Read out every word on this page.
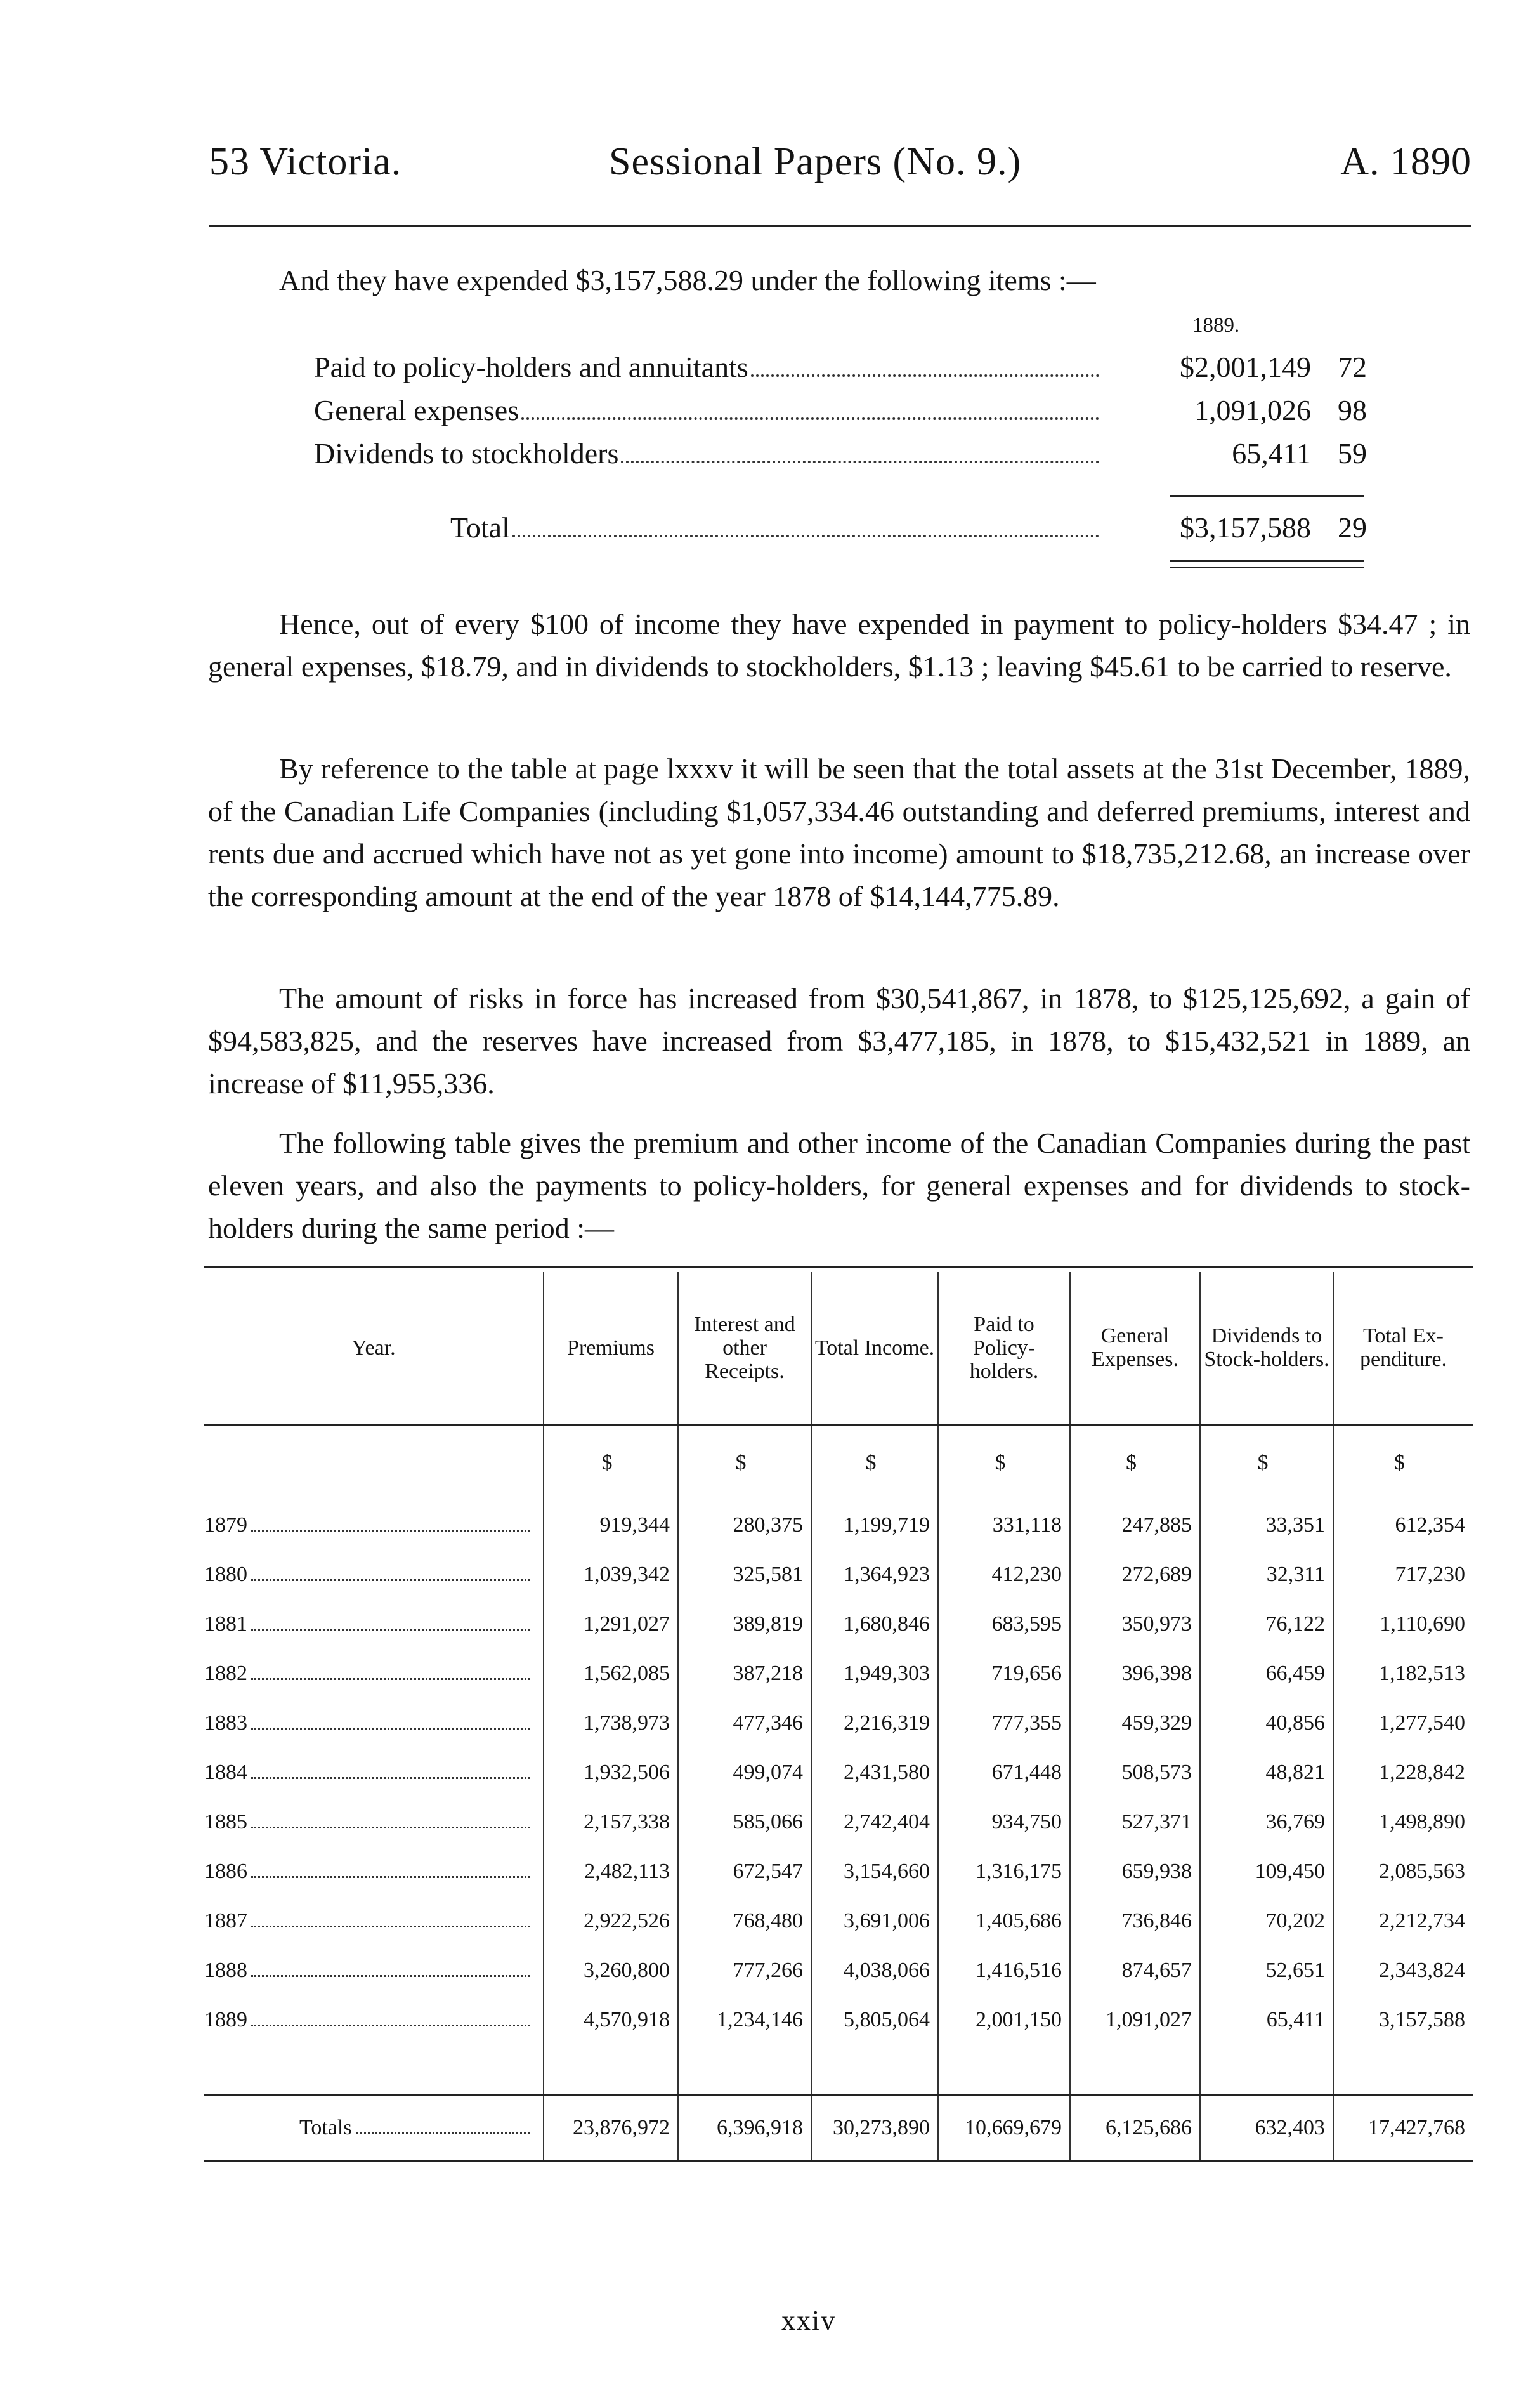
53 Victoria.	Sessional Papers (No. 9.)	A. 1890
And they have expended $3,157,588.29 under the following items :—
1889.
Paid to policy-holders and annuitants	$2,001,149 72
General expenses	1,091,026 98
Dividends to stockholders	65,411 59
Total	$3,157,588 29
Hence, out of every $100 of income they have expended in payment to policy-holders $34.47 ; in general expenses, $18.79, and in dividends to stockholders, $1.13 ; leaving $45.61 to be carried to reserve.
By reference to the table at page lxxxv it will be seen that the total assets at the 31st December, 1889, of the Canadian Life Companies (including $1,057,334.46 outstanding and deferred premiums, interest and rents due and accrued which have not as yet gone into income) amount to $18,735,212.68, an increase over the corresponding amount at the end of the year 1878 of $14,144,775.89.
The amount of risks in force has increased from $30,541,867, in 1878, to $125,125,692, a gain of $94,583,825, and the reserves have increased from $3,477,185, in 1878, to $15,432,521 in 1889, an increase of $11,955,336.
The following table gives the premium and other income of the Canadian Companies during the past eleven years, and also the payments to policy-holders, for general expenses and for dividends to stock-holders during the same period :—
Year.	Premiums	Interest and other Receipts.	Total Income.	Paid to Policy-holders.	General Expenses.	Dividends to Stock-holders.	Total Ex-penditure.
	$	$	$	$	$	$	$

1879	919,344	280,375	1,199,719	331,118	247,885	33,351	612,354

1880	1,039,342	325,581	1,364,923	412,230	272,689	32,311	717,230

1881	1,291,027	389,819	1,680,846	683,595	350,973	76,122	1,110,690

1882	1,562,085	387,218	1,949,303	719,656	396,398	66,459	1,182,513

1883	1,738,973	477,346	2,216,319	777,355	459,329	40,856	1,277,540

1884	1,932,506	499,074	2,431,580	671,448	508,573	48,821	1,228,842

1885	2,157,338	585,066	2,742,404	934,750	527,371	36,769	1,498,890

1886	2,482,113	672,547	3,154,660	1,316,175	659,938	109,450	2,085,563

1887	2,922,526	768,480	3,691,006	1,405,686	736,846	70,202	2,212,734

1888	3,260,800	777,266	4,038,066	1,416,516	874,657	52,651	2,343,824

1889	4,570,918	1,234,146	5,805,064	2,001,150	1,091,027	65,411	3,157,588

Totals	23,876,972	6,396,918	30,273,890	10,669,679	6,125,686	632,403	17,427,768

xxiv
